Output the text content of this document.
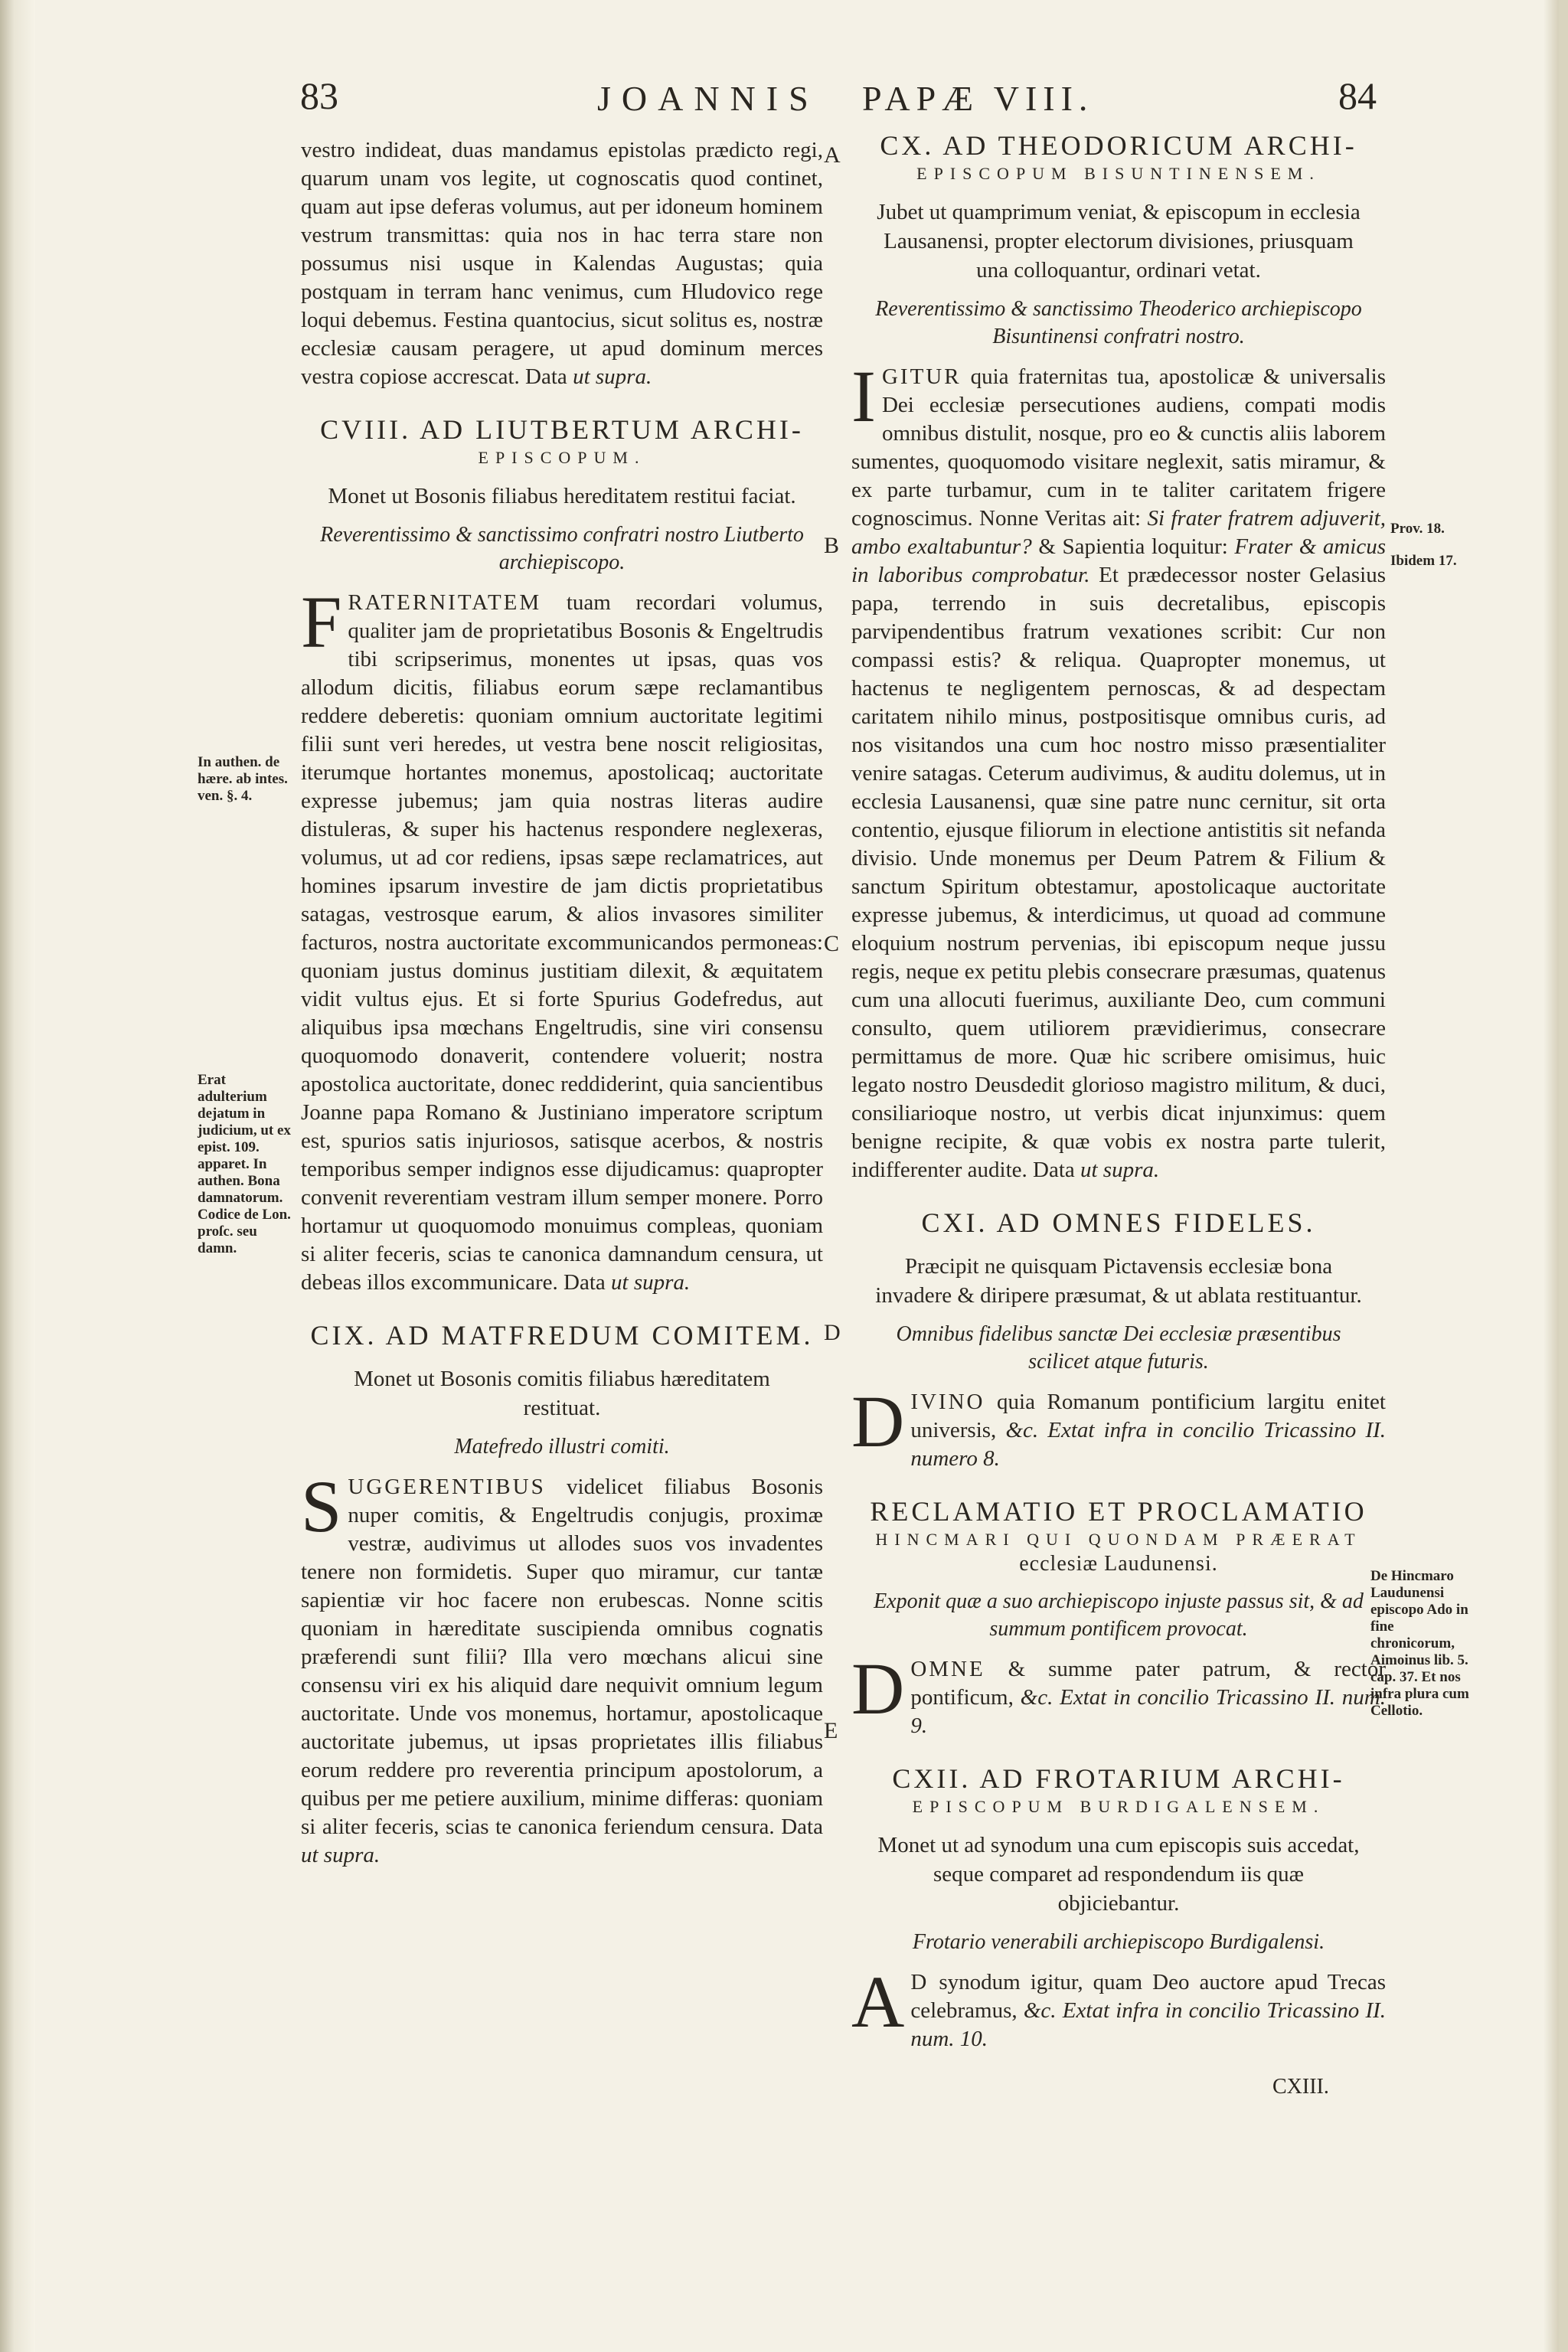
83	JOANNIS PAPÆ VIII.	84

vestro indideat, duas mandamus epistolas prædicto regi, quarum unam vos legite, ut cognoscatis quod continet, quam aut ipse deferas volumus, aut per idoneum hominem vestrum transmittas: quia nos in hac terra stare non possumus nisi usque in Kalendas Augustas; quia postquam in terram hanc venimus, cum Hludovico rege loqui debemus. Festina quantocius, sicut solitus es, nostræ ecclesiæ causam peragere, ut apud dominum merces vestra copiose accrescat. Data ut supra.

CVIII. AD LIUTBERTUM ARCHI-
EPISCOPUM.
Monet ut Bosonis filiabus hereditatem restitui faciat.
Reverentissimo & sanctissimo confratri nostro Liutberto archiepiscopo.

FRATERNITATEM tuam recordari volumus, qualiter jam de proprietatibus Bosonis & Engeltrudis tibi scripserimus, monentes ut ipsas, quas vos allodum dicitis, filiabus eorum sæpe reclamantibus reddere deberetis: quoniam omnium auctoritate legitimi filii sunt veri heredes, ut vestra bene noscit religiositas, iterumque hortantes monemus, apostolicaq; auctoritate expresse jubemus; jam quia nostras literas audire distuleras, & super his hactenus respondere neglexeras, volumus, ut ad cor rediens, ipsas sæpe reclamatrices, aut homines ipsarum investire de jam dictis proprietatibus satagas, vestrosque earum, & alios invasores similiter facturos, nostra auctoritate excommunicandos permoneas: quoniam justus dominus justitiam dilexit, & æquitatem vidit vultus ejus. Et si forte Spurius Godefredus, aut aliquibus ipsa mœchans Engeltrudis, sine viri consensu quoquomodo donaverit, contendere voluerit; nostra apostolica auctoritate, donec reddiderint, quia sancientibus Joanne papa Romano & Justiniano imperatore scriptum est, spurios satis injuriosos, satisque acerbos, & nostris temporibus semper indignos esse dijudicamus: quapropter convenit reverentiam vestram illum semper monere. Porro hortamur ut quoquomodo monuimus compleas, quoniam si aliter feceris, scias te canonica damnandum censura, ut debeas illos excommunicare. Data ut supra.

CIX. AD MATFREDUM COMITEM.
Monet ut Bosonis comitis filiabus hæreditatem restituat.
Matefredo illustri comiti.

SUGGERENTIBUS videlicet filiabus Bosonis nuper comitis, & Engeltrudis conjugis, proximæ vestræ, audivimus ut allodes suos vos invadentes tenere non formidetis. Super quo miramur, cur tantæ sapientiæ vir hoc facere non erubescas. Nonne scitis quoniam in hæreditate suscipienda omnibus cognatis præferendi sunt filii? Illa vero mœchans alicui sine consensu viri ex his aliquid dare nequivit omnium legum auctoritate. Unde vos monemus, hortamur, apostolicaque auctoritate jubemus, ut ipsas proprietates illis filiabus eorum reddere pro reverentia principum apostolorum, a quibus per me petiere auxilium, minime differas: quoniam si aliter feceris, scias te canonica feriendum censura. Data ut supra.

CX. AD THEODORICUM ARCHI-
EPISCOPUM BISUNTINENSEM.
Jubet ut quamprimum veniat, & episcopum in ecclesia Lausanensi, propter electorum divisiones, priusquam una colloquantur, ordinari vetat.
Reverentissimo & sanctissimo Theoderico archiepiscopo Bisuntinensi confratri nostro.

IGITUR quia fraternitas tua, apostolicæ & universalis Dei ecclesiæ persecutiones audiens, compati modis omnibus distulit, nosque, pro eo & cunctis aliis laborem sumentes, quoquomodo visitare neglexit, satis miramur, & ex parte turbamur, cum in te taliter caritatem frigere cognoscimus. Nonne Veritas ait: Si frater fratrem adjuverit, ambo exaltabuntur? & Sapientia loquitur: Frater & amicus in laboribus comprobatur. Et prædecessor noster Gelasius papa, terrendo in suis decretalibus, episcopis parvipendentibus fratrum vexationes scribit: Cur non compassi estis? & reliqua. Quapropter monemus, ut hactenus te negligentem pernoscas, & ad despectam caritatem nihilo minus, postpositisque omnibus curis, ad nos visitandos una cum hoc nostro misso præsentialiter venire satagas. Ceterum audivimus, & auditu dolemus, ut in ecclesia Lausanensi, quæ sine patre nunc cernitur, sit orta contentio, ejusque filiorum in electione antistitis sit nefanda divisio. Unde monemus per Deum Patrem & Filium & sanctum Spiritum obtestamur, apostolicaque auctoritate expresse jubemus, & interdicimus, ut quoad ad commune eloquium nostrum pervenias, ibi episcopum neque jussu regis, neque ex petitu plebis consecrare præsumas, quatenus cum una allocuti fuerimus, auxiliante Deo, cum communi consulto, quem utiliorem prævidierimus, consecrare permittamus de more. Quæ hic scribere omisimus, huic legato nostro Deusdedit glorioso magistro militum, & duci, consiliarioque nostro, ut verbis dicat injunximus: quem benigne recipite, & quæ vobis ex nostra parte tulerit, indifferenter audite. Data ut supra.

CXI. AD OMNES FIDELES.
Præcipit ne quisquam Pictavensis ecclesiæ bona invadere & diripere præsumat, & ut ablata restituantur.
Omnibus fidelibus sanctæ Dei ecclesiæ præsentibus scilicet atque futuris.

DIVINO quia Romanum pontificium largitu enitet universis, &c. Extat infra in concilio Tricassino II. numero 8.

RECLAMATIO ET PROCLAMATIO
HINCMARI QUI QUONDAM PRÆERAT
ecclesiæ Laudunensi.
Exponit quæ a suo archiepiscopo injuste passus sit, & ad summum pontificem provocat.

DOMNE & summe pater patrum, & rector pontificum, &c. Extat in concilio Tricassino II. num. 9.

CXII. AD FROTARIUM ARCHI-
EPISCOPUM BURDIGALENSEM.
Monet ut ad synodum una cum episcopis suis accedat, seque comparet ad respondendum iis quæ objiciebantur.
Frotario venerabili archiepiscopo Burdigalensi.

A D synodum igitur, quam Deo auctore apud Trecas celebramus, &c. Extat infra in concilio Tricassino II. num. 10.

CXIII.
A
B
C
D
E
In authen. de hære. ab intes. ven. §. 4.
Erat adulterium dejatum in judicium, ut ex epist. 109. apparet. In authen. Bona damnatorum. Codice de Lon. proſc. seu damn.
Prov. 18.
Ibidem 17.
De Hincmaro Laudunensi episcopo Ado in fine chronicorum, Aimoinus lib. 5. cap. 37. Et nos infra plura cum Cellotio.
